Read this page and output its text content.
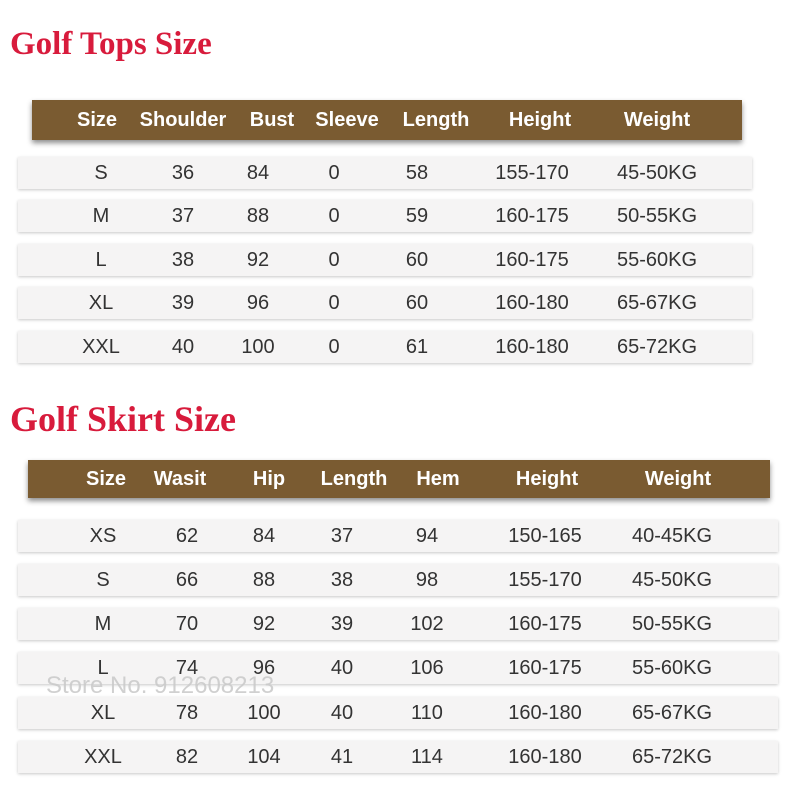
Golf Tops Size
Size	Shoulder	Bust	Sleeve	Length	Height	Weight
S	36	84	0	58	155-170	45-50KG
M	37	88	0	59	160-175	50-55KG
L	38	92	0	60	160-175	55-60KG
XL	39	96	0	60	160-180	65-67KG
XXL	40	100	0	61	160-180	65-72KG
Golf Skirt Size
Size	Wasit	Hip	Length	Hem	Height	Weight
XS	62	84	37	94	150-165	40-45KG
S	66	88	38	98	155-170	45-50KG
M	70	92	39	102	160-175	50-55KG
L	74	96	40	106	160-175	55-60KG
XL	78	100	40	110	160-180	65-67KG
XXL	82	104	41	114	160-180	65-72KG
Store No. 912608213
